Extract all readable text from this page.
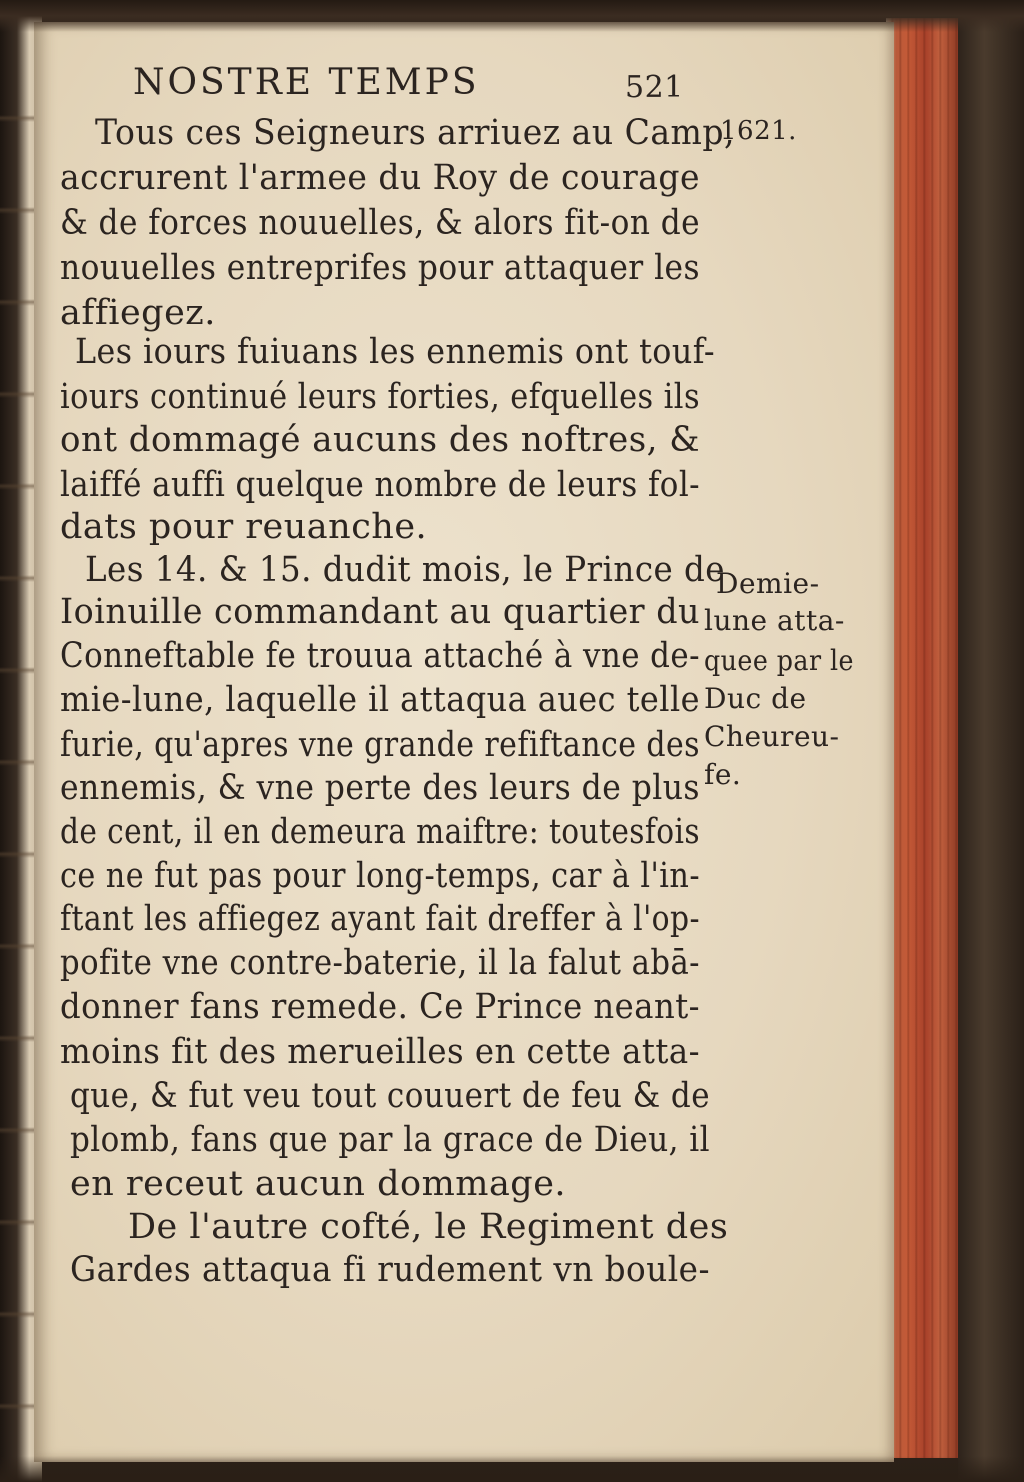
NOSTRE TEMPS	521
1621.
Tous ces Seigneurs arriuez au Camp,
accrurent l'armee du Roy de courage
& de forces nouuelles, & alors fit-on de
nouuelles entreprifes pour attaquer les
affiegez.
Les iours fuiuans les ennemis ont touf-
iours continué leurs forties, efquelles ils
ont dommagé aucuns des noftres, &
laiffé auffi quelque nombre de leurs fol-
dats pour reuanche.
Les 14. & 15. dudit mois, le Prince de
Ioinuille commandant au quartier du
Conneftable fe trouua attaché à vne de-
mie-lune, laquelle il attaqua auec telle
furie, qu'apres vne grande refiftance des
ennemis, & vne perte des leurs de plus
de cent, il en demeura maiftre: toutesfois
ce ne fut pas pour long-temps, car à l'in-
ftant les affiegez ayant fait dreffer à l'op-
pofite vne contre-baterie, il la falut abā-
donner fans remede. Ce Prince neant-
moins fit des merueilles en cette atta-
que, & fut veu tout couuert de feu & de
plomb, fans que par la grace de Dieu, il
en receut aucun dommage.
De l'autre cofté, le Regiment des
Gardes attaqua fi rudement vn boule-
Demie-
lune atta-
quee par le
Duc de
Cheureu-
fe.
